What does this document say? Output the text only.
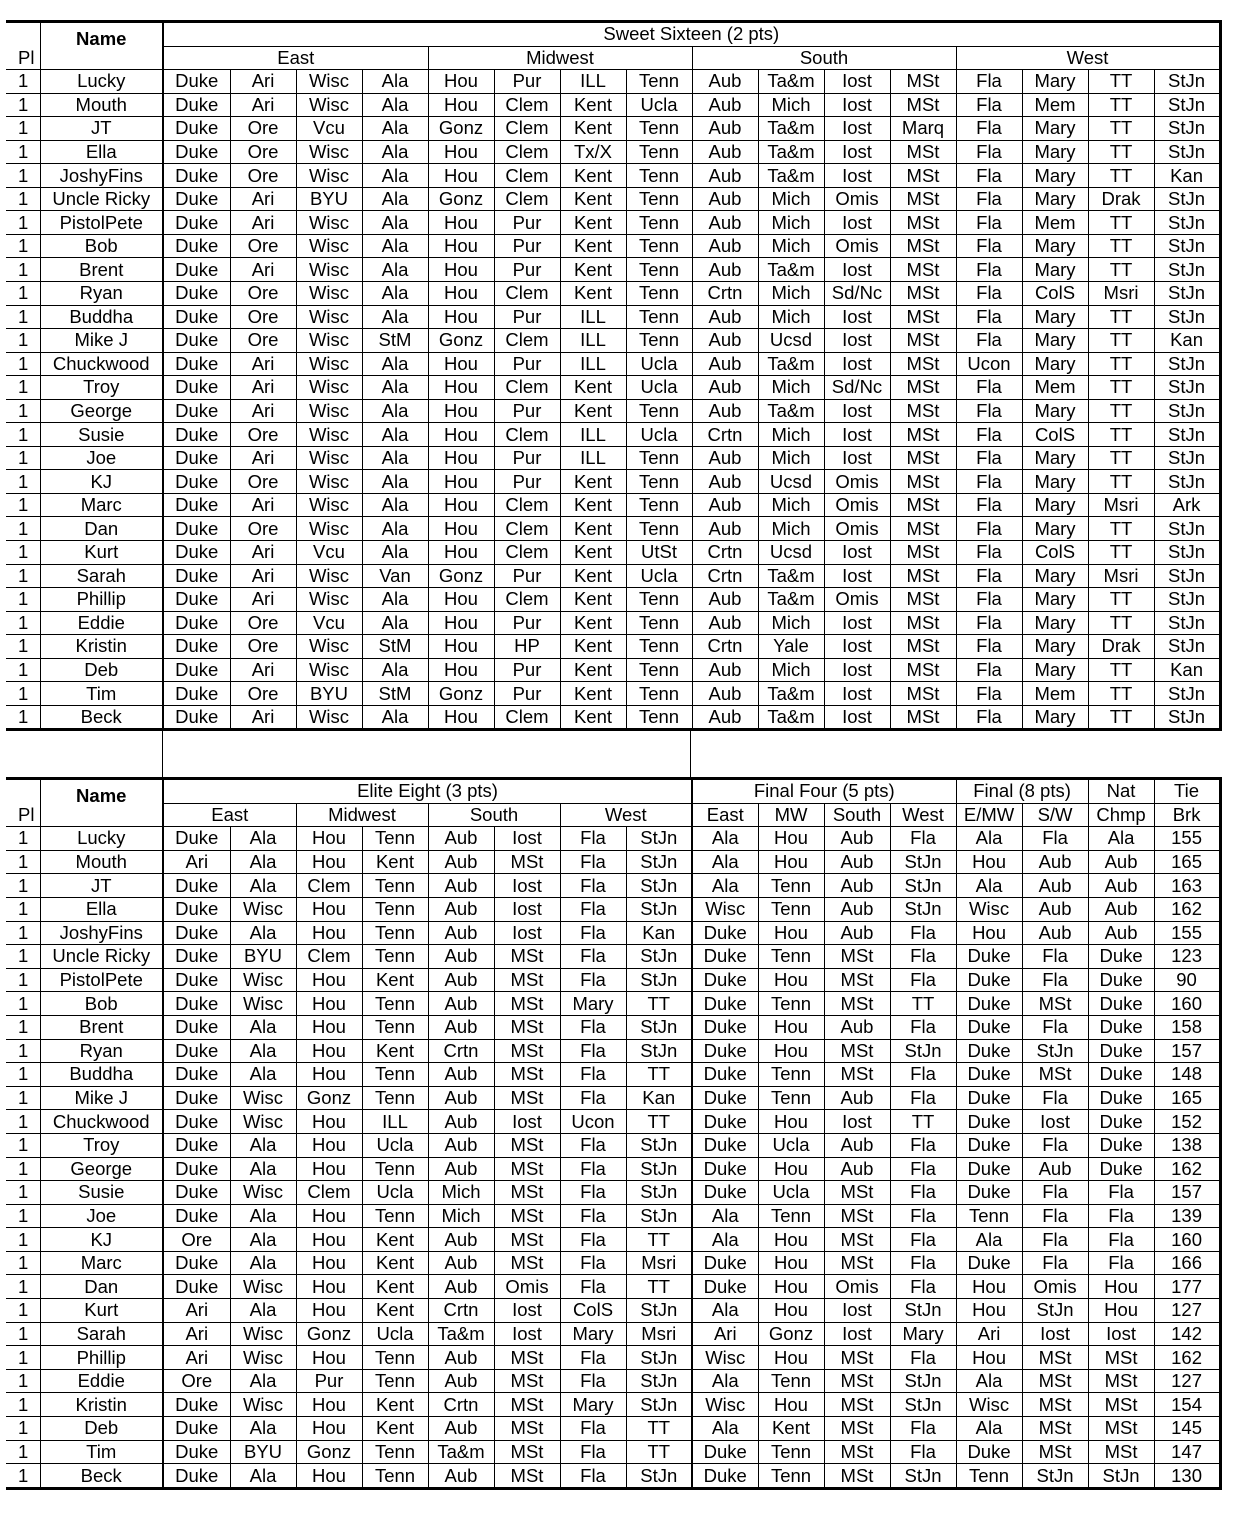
	Name	Sweet Sixteen (2 pts)															
Pl		East				Midwest				South				West			
1	Lucky	Duke	Ari	Wisc	Ala	Hou	Pur	ILL	Tenn	Aub	Ta&m	Iost	MSt	Fla	Mary	TT	StJn
1	Mouth	Duke	Ari	Wisc	Ala	Hou	Clem	Kent	Ucla	Aub	Mich	Iost	MSt	Fla	Mem	TT	StJn
1	JT	Duke	Ore	Vcu	Ala	Gonz	Clem	Kent	Tenn	Aub	Ta&m	Iost	Marq	Fla	Mary	TT	StJn
1	Ella	Duke	Ore	Wisc	Ala	Hou	Clem	Tx/X	Tenn	Aub	Ta&m	Iost	MSt	Fla	Mary	TT	StJn
1	JoshyFins	Duke	Ore	Wisc	Ala	Hou	Clem	Kent	Tenn	Aub	Ta&m	Iost	MSt	Fla	Mary	TT	Kan
1	Uncle Ricky	Duke	Ari	BYU	Ala	Gonz	Clem	Kent	Tenn	Aub	Mich	Omis	MSt	Fla	Mary	Drak	StJn
1	PistolPete	Duke	Ari	Wisc	Ala	Hou	Pur	Kent	Tenn	Aub	Mich	Iost	MSt	Fla	Mem	TT	StJn
1	Bob	Duke	Ore	Wisc	Ala	Hou	Pur	Kent	Tenn	Aub	Mich	Omis	MSt	Fla	Mary	TT	StJn
1	Brent	Duke	Ari	Wisc	Ala	Hou	Pur	Kent	Tenn	Aub	Ta&m	Iost	MSt	Fla	Mary	TT	StJn
1	Ryan	Duke	Ore	Wisc	Ala	Hou	Clem	Kent	Tenn	Crtn	Mich	Sd/Nc	MSt	Fla	ColS	Msri	StJn
1	Buddha	Duke	Ore	Wisc	Ala	Hou	Pur	ILL	Tenn	Aub	Mich	Iost	MSt	Fla	Mary	TT	StJn
1	Mike J	Duke	Ore	Wisc	StM	Gonz	Clem	ILL	Tenn	Aub	Ucsd	Iost	MSt	Fla	Mary	TT	Kan
1	Chuckwood	Duke	Ari	Wisc	Ala	Hou	Pur	ILL	Ucla	Aub	Ta&m	Iost	MSt	Ucon	Mary	TT	StJn
1	Troy	Duke	Ari	Wisc	Ala	Hou	Clem	Kent	Ucla	Aub	Mich	Sd/Nc	MSt	Fla	Mem	TT	StJn
1	George	Duke	Ari	Wisc	Ala	Hou	Pur	Kent	Tenn	Aub	Ta&m	Iost	MSt	Fla	Mary	TT	StJn
1	Susie	Duke	Ore	Wisc	Ala	Hou	Clem	ILL	Ucla	Crtn	Mich	Iost	MSt	Fla	ColS	TT	StJn
1	Joe	Duke	Ari	Wisc	Ala	Hou	Pur	ILL	Tenn	Aub	Mich	Iost	MSt	Fla	Mary	TT	StJn
1	KJ	Duke	Ore	Wisc	Ala	Hou	Pur	Kent	Tenn	Aub	Ucsd	Omis	MSt	Fla	Mary	TT	StJn
1	Marc	Duke	Ari	Wisc	Ala	Hou	Clem	Kent	Tenn	Aub	Mich	Omis	MSt	Fla	Mary	Msri	Ark
1	Dan	Duke	Ore	Wisc	Ala	Hou	Clem	Kent	Tenn	Aub	Mich	Omis	MSt	Fla	Mary	TT	StJn
1	Kurt	Duke	Ari	Vcu	Ala	Hou	Clem	Kent	UtSt	Crtn	Ucsd	Iost	MSt	Fla	ColS	TT	StJn
1	Sarah	Duke	Ari	Wisc	Van	Gonz	Pur	Kent	Ucla	Crtn	Ta&m	Iost	MSt	Fla	Mary	Msri	StJn
1	Phillip	Duke	Ari	Wisc	Ala	Hou	Clem	Kent	Tenn	Aub	Ta&m	Omis	MSt	Fla	Mary	TT	StJn
1	Eddie	Duke	Ore	Vcu	Ala	Hou	Pur	Kent	Tenn	Aub	Mich	Iost	MSt	Fla	Mary	TT	StJn
1	Kristin	Duke	Ore	Wisc	StM	Hou	HP	Kent	Tenn	Crtn	Yale	Iost	MSt	Fla	Mary	Drak	StJn
1	Deb	Duke	Ari	Wisc	Ala	Hou	Pur	Kent	Tenn	Aub	Mich	Iost	MSt	Fla	Mary	TT	Kan
1	Tim	Duke	Ore	BYU	StM	Gonz	Pur	Kent	Tenn	Aub	Ta&m	Iost	MSt	Fla	Mem	TT	StJn
1	Beck	Duke	Ari	Wisc	Ala	Hou	Clem	Kent	Tenn	Aub	Ta&m	Iost	MSt	Fla	Mary	TT	StJn
	Name	Elite Eight (3 pts)								Final Four (5 pts)				Final (8 pts)		Nat	Tie
Pl		East		Midwest		South		West		East	MW	South	West	E/MW	S/W	Chmp	Brk
1	Lucky	Duke	Ala	Hou	Tenn	Aub	Iost	Fla	StJn	Ala	Hou	Aub	Fla	Ala	Fla	Ala	155
1	Mouth	Ari	Ala	Hou	Kent	Aub	MSt	Fla	StJn	Ala	Hou	Aub	StJn	Hou	Aub	Aub	165
1	JT	Duke	Ala	Clem	Tenn	Aub	Iost	Fla	StJn	Ala	Tenn	Aub	StJn	Ala	Aub	Aub	163
1	Ella	Duke	Wisc	Hou	Tenn	Aub	Iost	Fla	StJn	Wisc	Tenn	Aub	StJn	Wisc	Aub	Aub	162
1	JoshyFins	Duke	Ala	Hou	Tenn	Aub	Iost	Fla	Kan	Duke	Hou	Aub	Fla	Hou	Aub	Aub	155
1	Uncle Ricky	Duke	BYU	Clem	Tenn	Aub	MSt	Fla	StJn	Duke	Tenn	MSt	Fla	Duke	Fla	Duke	123
1	PistolPete	Duke	Wisc	Hou	Kent	Aub	MSt	Fla	StJn	Duke	Hou	MSt	Fla	Duke	Fla	Duke	90
1	Bob	Duke	Wisc	Hou	Tenn	Aub	MSt	Mary	TT	Duke	Tenn	MSt	TT	Duke	MSt	Duke	160
1	Brent	Duke	Ala	Hou	Tenn	Aub	MSt	Fla	StJn	Duke	Hou	Aub	Fla	Duke	Fla	Duke	158
1	Ryan	Duke	Ala	Hou	Kent	Crtn	MSt	Fla	StJn	Duke	Hou	MSt	StJn	Duke	StJn	Duke	157
1	Buddha	Duke	Ala	Hou	Tenn	Aub	MSt	Fla	TT	Duke	Tenn	MSt	Fla	Duke	MSt	Duke	148
1	Mike J	Duke	Wisc	Gonz	Tenn	Aub	MSt	Fla	Kan	Duke	Tenn	Aub	Fla	Duke	Fla	Duke	165
1	Chuckwood	Duke	Wisc	Hou	ILL	Aub	Iost	Ucon	TT	Duke	Hou	Iost	TT	Duke	Iost	Duke	152
1	Troy	Duke	Ala	Hou	Ucla	Aub	MSt	Fla	StJn	Duke	Ucla	Aub	Fla	Duke	Fla	Duke	138
1	George	Duke	Ala	Hou	Tenn	Aub	MSt	Fla	StJn	Duke	Hou	Aub	Fla	Duke	Aub	Duke	162
1	Susie	Duke	Wisc	Clem	Ucla	Mich	MSt	Fla	StJn	Duke	Ucla	MSt	Fla	Duke	Fla	Fla	157
1	Joe	Duke	Ala	Hou	Tenn	Mich	MSt	Fla	StJn	Ala	Tenn	MSt	Fla	Tenn	Fla	Fla	139
1	KJ	Ore	Ala	Hou	Kent	Aub	MSt	Fla	TT	Ala	Hou	MSt	Fla	Ala	Fla	Fla	160
1	Marc	Duke	Ala	Hou	Kent	Aub	MSt	Fla	Msri	Duke	Hou	MSt	Fla	Duke	Fla	Fla	166
1	Dan	Duke	Wisc	Hou	Kent	Aub	Omis	Fla	TT	Duke	Hou	Omis	Fla	Hou	Omis	Hou	177
1	Kurt	Ari	Ala	Hou	Kent	Crtn	Iost	ColS	StJn	Ala	Hou	Iost	StJn	Hou	StJn	Hou	127
1	Sarah	Ari	Wisc	Gonz	Ucla	Ta&m	Iost	Mary	Msri	Ari	Gonz	Iost	Mary	Ari	Iost	Iost	142
1	Phillip	Ari	Wisc	Hou	Tenn	Aub	MSt	Fla	StJn	Wisc	Hou	MSt	Fla	Hou	MSt	MSt	162
1	Eddie	Ore	Ala	Pur	Tenn	Aub	MSt	Fla	StJn	Ala	Tenn	MSt	StJn	Ala	MSt	MSt	127
1	Kristin	Duke	Wisc	Hou	Kent	Crtn	MSt	Mary	StJn	Wisc	Hou	MSt	StJn	Wisc	MSt	MSt	154
1	Deb	Duke	Ala	Hou	Kent	Aub	MSt	Fla	TT	Ala	Kent	MSt	Fla	Ala	MSt	MSt	145
1	Tim	Duke	BYU	Gonz	Tenn	Ta&m	MSt	Fla	TT	Duke	Tenn	MSt	Fla	Duke	MSt	MSt	147
1	Beck	Duke	Ala	Hou	Tenn	Aub	MSt	Fla	StJn	Duke	Tenn	MSt	StJn	Tenn	StJn	StJn	130
